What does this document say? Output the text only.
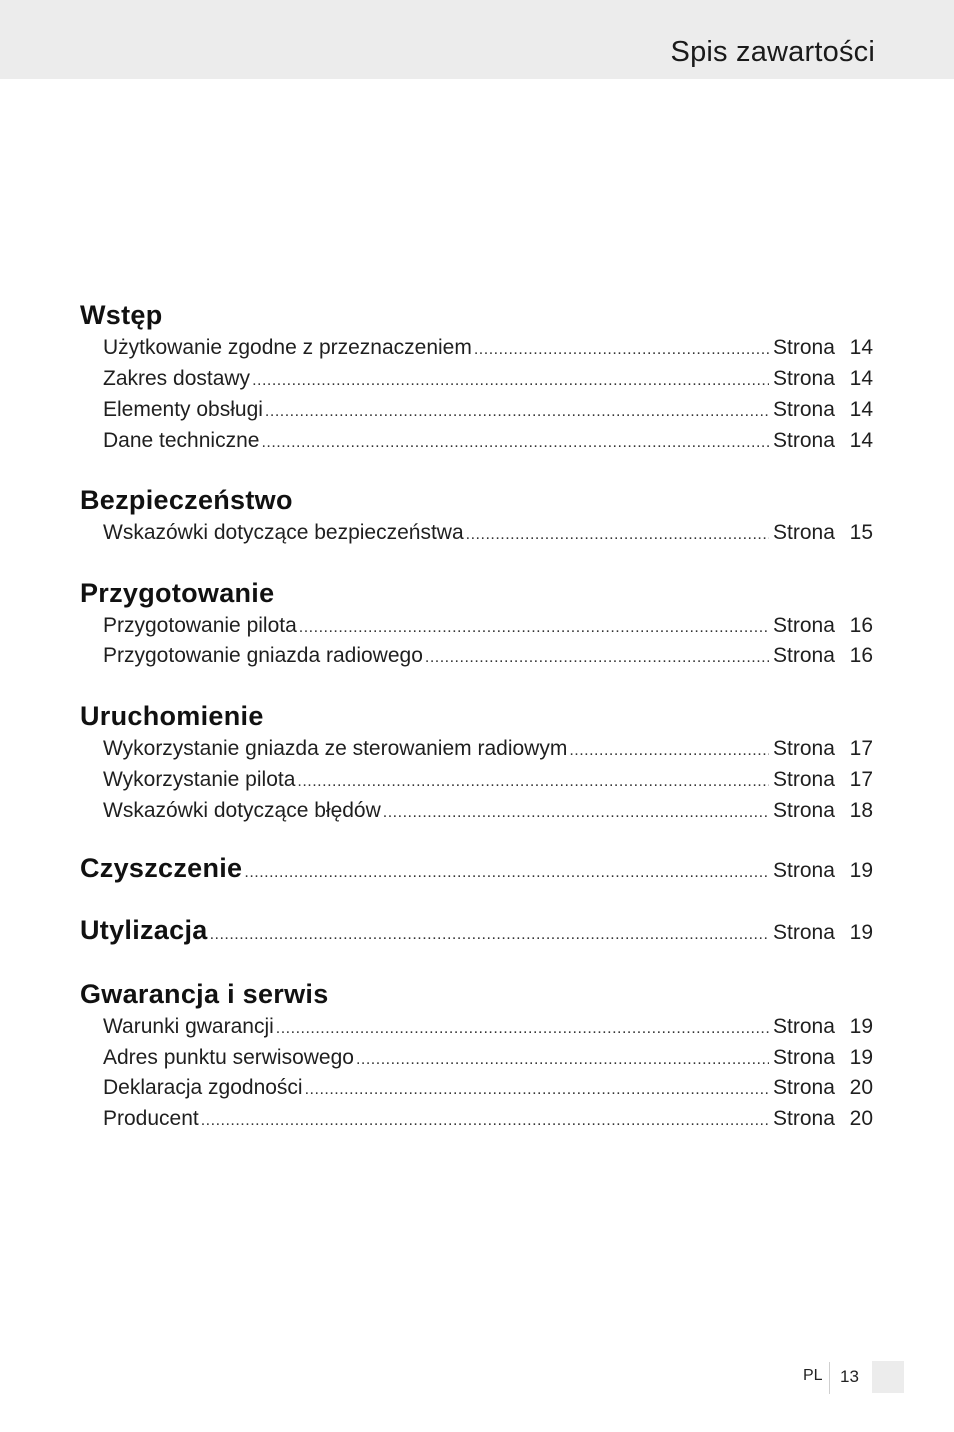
Spis zawartości
Wstęp
Użytkowanie zgodne z przeznaczeniem .....	Strona 14
Zakres dostawy .....	Strona 14
Elementy obsługi .....	Strona 14
Dane techniczne .....	Strona 14
Bezpieczeństwo
Wskazówki dotyczące bezpieczeństwa .....	Strona 15
Przygotowanie
Przygotowanie pilota .....	Strona 16
Przygotowanie gniazda radiowego .....	Strona 16
Uruchomienie
Wykorzystanie gniazda ze sterowaniem radiowym .....	Strona 17
Wykorzystanie pilota .....	Strona 17
Wskazówki dotyczące błędów .....	Strona 18
Czyszczenie .....	Strona 19
Utylizacja .....	Strona 19
Gwarancja i serwis
Warunki gwarancji .....	Strona 19
Adres punktu serwisowego .....	Strona 19
Deklaracja zgodności .....	Strona 20
Producent .....	Strona 20
PL 13
